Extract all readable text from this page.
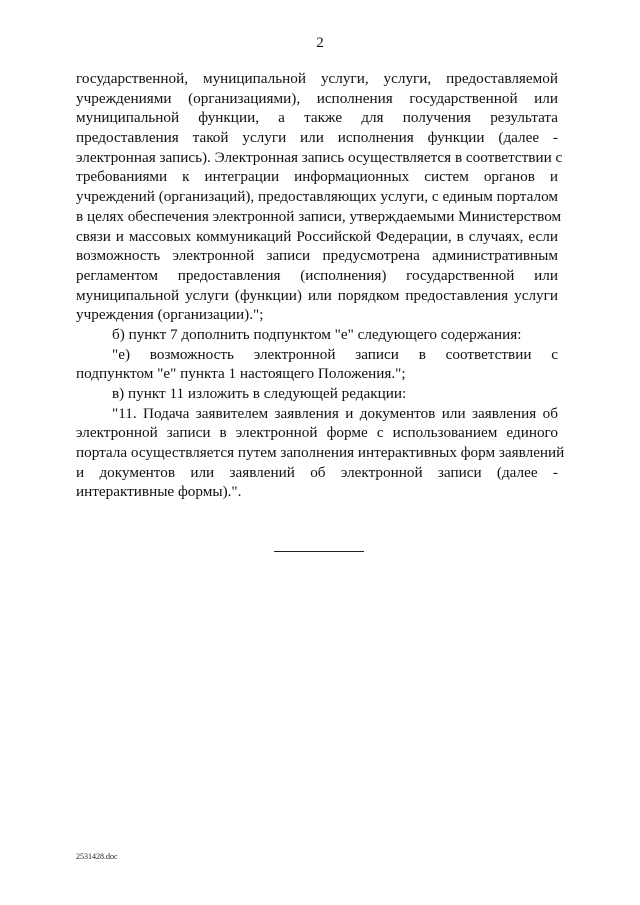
2
государственной, муниципальной услуги, услуги, предоставляемой
учреждениями (организациями), исполнения государственной или
муниципальной функции, а также для получения результата
предоставления такой услуги или исполнения функции (далее -
электронная запись). Электронная запись осуществляется в соответствии с
требованиями к интеграции информационных систем органов и
учреждений (организаций), предоставляющих услуги, с единым порталом
в целях обеспечения электронной записи, утверждаемыми Министерством
связи и массовых коммуникаций Российской Федерации, в случаях, если
возможность электронной записи предусмотрена административным
регламентом предоставления (исполнения) государственной или
муниципальной услуги (функции) или порядком предоставления услуги
учреждения (организации).";
б) пункт 7 дополнить подпунктом "е" следующего содержания:
"е) возможность электронной записи в соответствии с
подпунктом "е" пункта 1 настоящего Положения.";
в) пункт 11 изложить в следующей редакции:
"11. Подача заявителем заявления и документов или заявления об
электронной записи в электронной форме с использованием единого
портала осуществляется путем заполнения интерактивных форм заявлений
и документов или заявлений об электронной записи (далее -
интерактивные формы).".
2531428.doc
